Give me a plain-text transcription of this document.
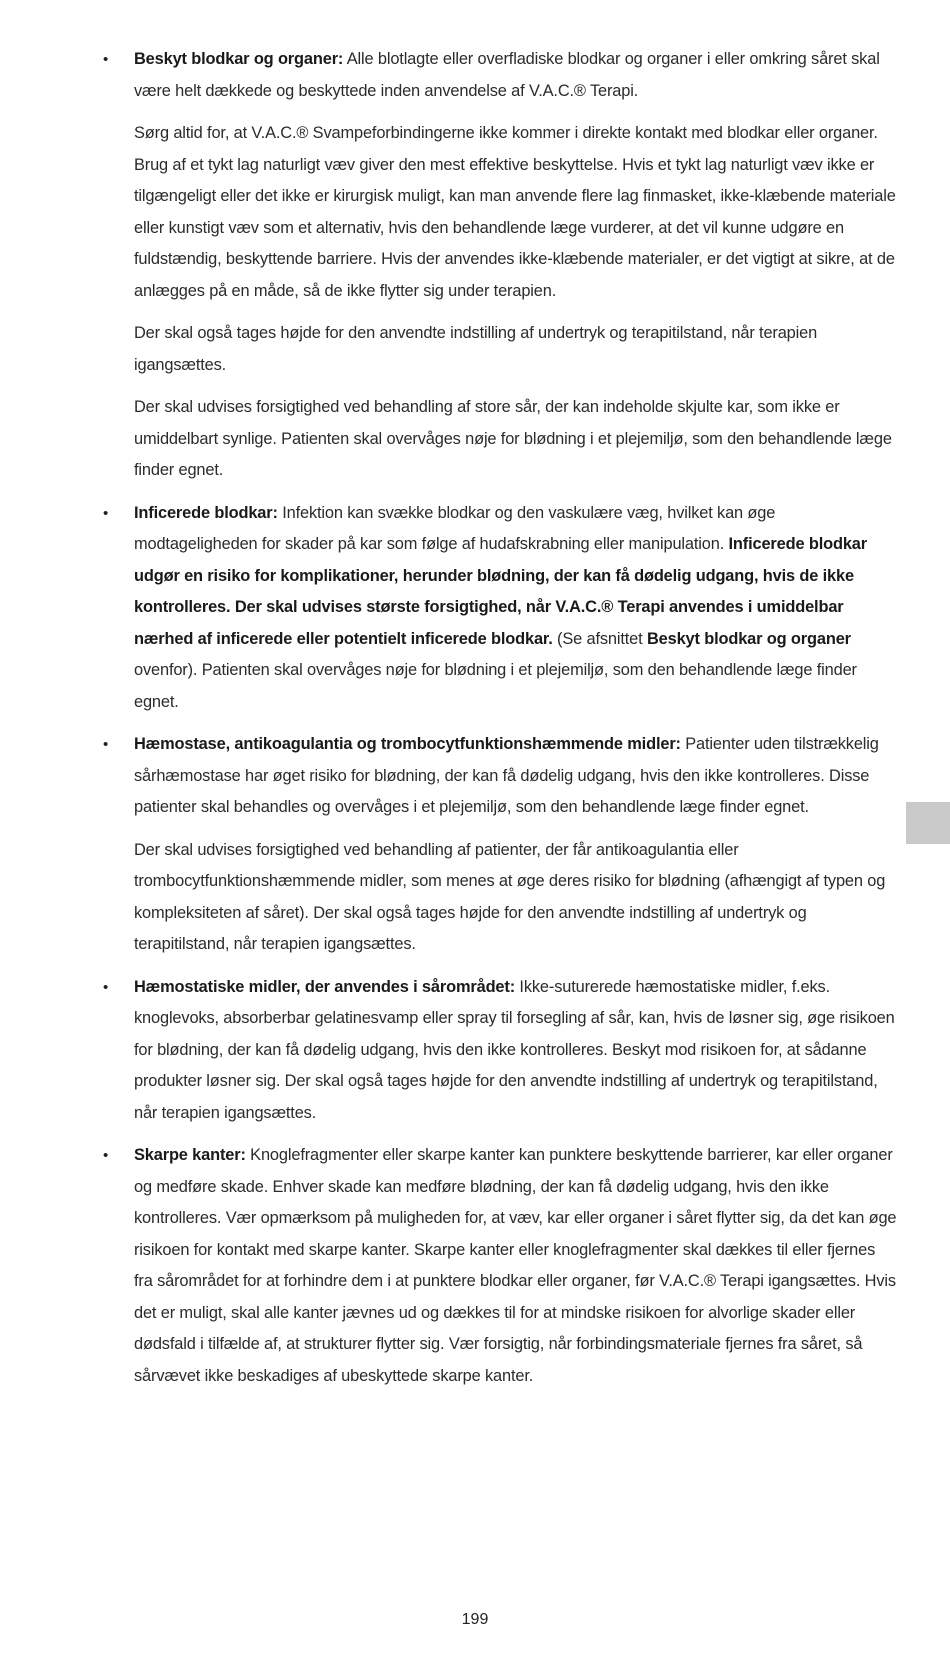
• Beskyt blodkar og organer: Alle blotlagte eller overfladiske blodkar og organer i eller omkring såret skal være helt dækkede og beskyttede inden anvendelse af V.A.C.® Terapi.

Sørg altid for, at V.A.C.® Svampeforbindingerne ikke kommer i direkte kontakt med blodkar eller organer. Brug af et tykt lag naturligt væv giver den mest effektive beskyttelse. Hvis et tykt lag naturligt væv ikke er tilgængeligt eller det ikke er kirurgisk muligt, kan man anvende flere lag finmasket, ikke-klæbende materiale eller kunstigt væv som et alternativ, hvis den behandlende læge vurderer, at det vil kunne udgøre en fuldstændig, beskyttende barriere. Hvis der anvendes ikke-klæbende materialer, er det vigtigt at sikre, at de anlægges på en måde, så de ikke flytter sig under terapien.

Der skal også tages højde for den anvendte indstilling af undertryk og terapitilstand, når terapien igangsættes.

Der skal udvises forsigtighed ved behandling af store sår, der kan indeholde skjulte kar, som ikke er umiddelbart synlige. Patienten skal overvåges nøje for blødning i et plejemiljø, som den behandlende læge finder egnet.

• Inficerede blodkar: Infektion kan svække blodkar og den vaskulære væg, hvilket kan øge modtageligheden for skader på kar som følge af hudafskrabning eller manipulation. Inficerede blodkar udgør en risiko for komplikationer, herunder blødning, der kan få dødelig udgang, hvis de ikke kontrolleres. Der skal udvises største forsigtighed, når V.A.C.® Terapi anvendes i umiddelbar nærhed af inficerede eller potentielt inficerede blodkar. (Se afsnittet Beskyt blodkar og organer ovenfor). Patienten skal overvåges nøje for blødning i et plejemiljø, som den behandlende læge finder egnet.

• Hæmostase, antikoagulantia og trombocytfunktionshæmmende midler: Patienter uden tilstrækkelig sårhæmostase har øget risiko for blødning, der kan få dødelig udgang, hvis den ikke kontrolleres. Disse patienter skal behandles og overvåges i et plejemiljø, som den behandlende læge finder egnet.

Der skal udvises forsigtighed ved behandling af patienter, der får antikoagulantia eller trombocytfunktionshæmmende midler, som menes at øge deres risiko for blødning (afhængigt af typen og kompleksiteten af såret). Der skal også tages højde for den anvendte indstilling af undertryk og terapitilstand, når terapien igangsættes.

• Hæmostatiske midler, der anvendes i sårområdet: Ikke-suturerede hæmostatiske midler, f.eks. knoglevoks, absorberbar gelatinesvamp eller spray til forsegling af sår, kan, hvis de løsner sig, øge risikoen for blødning, der kan få dødelig udgang, hvis den ikke kontrolleres. Beskyt mod risikoen for, at sådanne produkter løsner sig. Der skal også tages højde for den anvendte indstilling af undertryk og terapitilstand, når terapien igangsættes.

• Skarpe kanter: Knoglefragmenter eller skarpe kanter kan punktere beskyttende barrierer, kar eller organer og medføre skade. Enhver skade kan medføre blødning, der kan få dødelig udgang, hvis den ikke kontrolleres. Vær opmærksom på muligheden for, at væv, kar eller organer i såret flytter sig, da det kan øge risikoen for kontakt med skarpe kanter. Skarpe kanter eller knoglefragmenter skal dækkes til eller fjernes fra sårområdet for at forhindre dem i at punktere blodkar eller organer, før V.A.C.® Terapi igangsættes. Hvis det er muligt, skal alle kanter jævnes ud og dækkes til for at mindske risikoen for alvorlige skader eller dødsfald i tilfælde af, at strukturer flytter sig. Vær forsigtig, når forbindingsmateriale fjernes fra såret, så sårvævet ikke beskadiges af ubeskyttede skarpe kanter.

199
